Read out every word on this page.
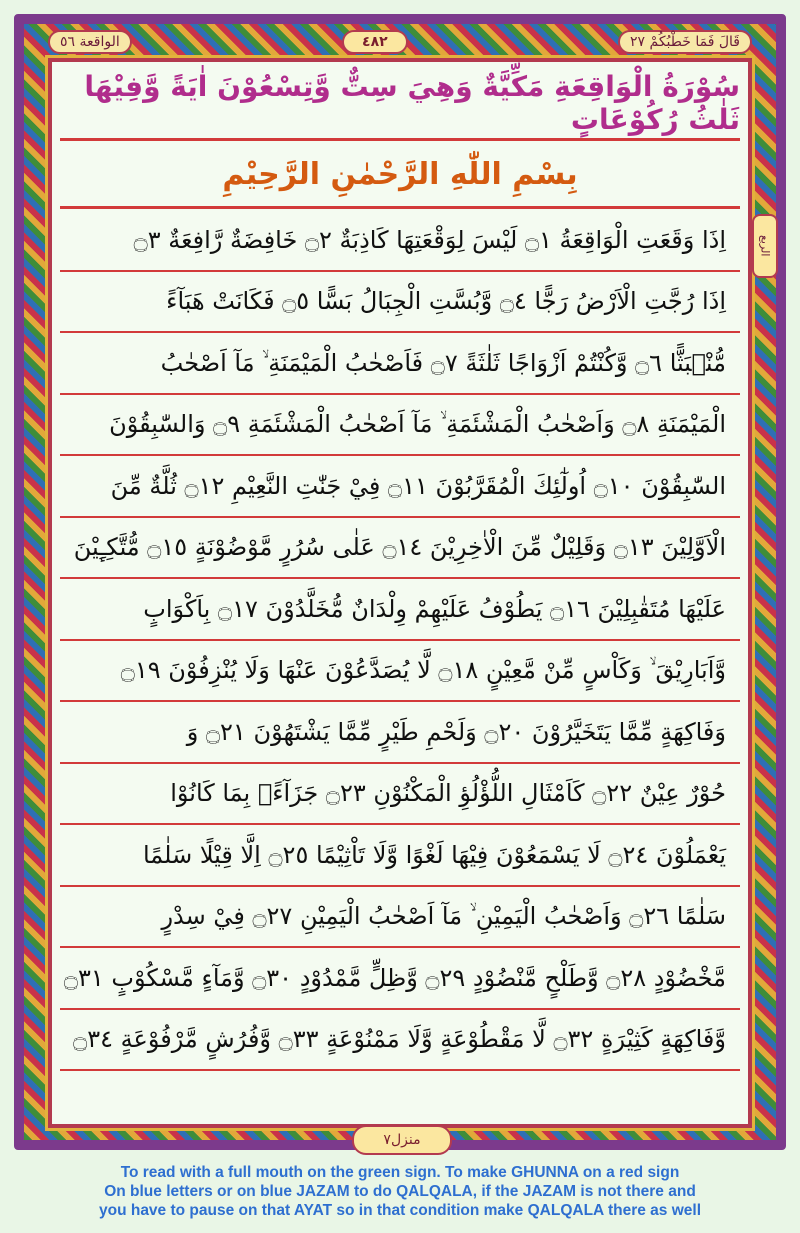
الواقعة ٥٦	٤٨٢	قَالَ فَمَا خَطْبُكُمْ ٢٧
سُوْرَةُ الْوَاقِعَةِ مَكِّيَّةٌ وَهِيَ سِتٌّ وَّتِسْعُوْنَ اٰيَةً وَّفِيْهَا ثَلٰثُ رُكُوْعَاتٍ
بِسْمِ اللّٰهِ الرَّحْمٰنِ الرَّحِيْمِ
الربع
اِذَا وَقَعَتِ الْوَاقِعَةُ ۝١ لَيْسَ لِوَقْعَتِهَا كَاذِبَةٌ ۝٢ خَافِضَةٌ رَّافِعَةٌ ۝٣
اِذَا رُجَّتِ الْاَرْضُ رَجًّا ۝٤ وَّبُسَّتِ الْجِبَالُ بَسًّا ۝٥ فَكَانَتْ هَبَآءً
مُّنْۢبَثًّا ۝٦ وَّكُنْتُمْ اَزْوَاجًا ثَلٰثَةً ۝٧ فَاَصْحٰبُ الْمَيْمَنَةِ ۙ مَآ اَصْحٰبُ
الْمَيْمَنَةِ ۝٨ وَاَصْحٰبُ الْمَشْئَمَةِ ۙ مَآ اَصْحٰبُ الْمَشْئَمَةِ ۝٩ وَالسّٰبِقُوْنَ
السّٰبِقُوْنَ ۝١٠ اُولٰٓئِكَ الْمُقَرَّبُوْنَ ۝١١ فِيْ جَنّٰتِ النَّعِيْمِ ۝١٢ ثُلَّةٌ مِّنَ
الْاَوَّلِيْنَ ۝١٣ وَقَلِيْلٌ مِّنَ الْاٰخِرِيْنَ ۝١٤ عَلٰى سُرُرٍ مَّوْضُوْنَةٍ ۝١٥ مُّتَّكِـِٕيْنَ
عَلَيْهَا مُتَقٰبِلِيْنَ ۝١٦ يَطُوْفُ عَلَيْهِمْ وِلْدَانٌ مُّخَلَّدُوْنَ ۝١٧ بِاَكْوَابٍ
وَّاَبَارِيْقَ ۙ وَكَاْسٍ مِّنْ مَّعِيْنٍ ۝١٨ لَّا يُصَدَّعُوْنَ عَنْهَا وَلَا يُنْزِفُوْنَ ۝١٩
وَفَاكِهَةٍ مِّمَّا يَتَخَيَّرُوْنَ ۝٢٠ وَلَحْمِ طَيْرٍ مِّمَّا يَشْتَهُوْنَ ۝٢١ وَ
حُوْرٌ عِيْنٌ ۝٢٢ كَاَمْثَالِ اللُّؤْلُؤِ الْمَكْنُوْنِ ۝٢٣ جَزَآءًۢ بِمَا كَانُوْا
يَعْمَلُوْنَ ۝٢٤ لَا يَسْمَعُوْنَ فِيْهَا لَغْوًا وَّلَا تَاْثِيْمًا ۝٢٥ اِلَّا قِيْلًا سَلٰمًا
سَلٰمًا ۝٢٦ وَاَصْحٰبُ الْيَمِيْنِ ۙ مَآ اَصْحٰبُ الْيَمِيْنِ ۝٢٧ فِيْ سِدْرٍ
مَّخْضُوْدٍ ۝٢٨ وَّطَلْحٍ مَّنْضُوْدٍ ۝٢٩ وَّظِلٍّ مَّمْدُوْدٍ ۝٣٠ وَّمَآءٍ مَّسْكُوْبٍ ۝٣١
وَّفَاكِهَةٍ كَثِيْرَةٍ ۝٣٢ لَّا مَقْطُوْعَةٍ وَّلَا مَمْنُوْعَةٍ ۝٣٣ وَّفُرُشٍ مَّرْفُوْعَةٍ ۝٣٤
منزل٧
To read with a full mouth on the green sign. To make GHUNNA on a red sign
On blue letters or on blue JAZAM to do QALQALA, if the JAZAM is not there and
you have to pause on that AYAT so in that condition make QALQALA there as well
